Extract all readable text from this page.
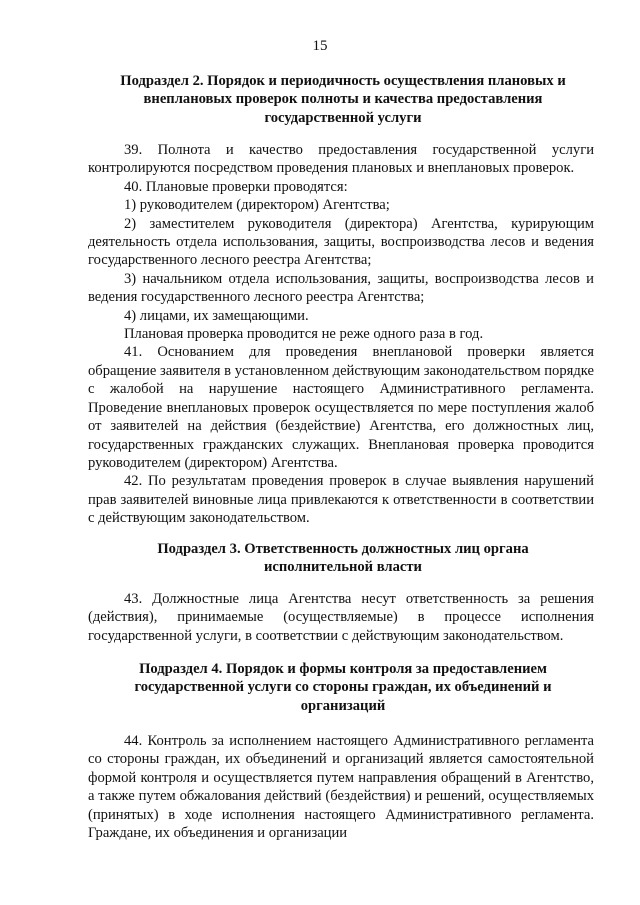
15

Подраздел 2. Порядок и периодичность осуществления плановых и внеплановых проверок полноты и качества предоставления государственной услуги

39. Полнота и качество предоставления государственной услуги контролируются посредством проведения плановых и внеплановых проверок.

40. Плановые проверки проводятся:

1) руководителем (директором) Агентства;

2) заместителем руководителя (директора) Агентства, курирующим деятельность отдела использования, защиты, воспроизводства лесов и ведения государственного лесного реестра Агентства;

3) начальником отдела использования, защиты, воспроизводства лесов и ведения государственного лесного реестра Агентства;

4) лицами, их замещающими.

Плановая проверка проводится не реже одного раза в год.

41. Основанием для проведения внеплановой проверки является обращение заявителя в установленном действующим законодательством порядке с жалобой на нарушение настоящего Административного регламента. Проведение внеплановых проверок осуществляется по мере поступления жалоб от заявителей на действия (бездействие) Агентства, его должностных лиц, государственных гражданских служащих. Внеплановая проверка проводится руководителем (директором) Агентства.

42. По результатам проведения проверок в случае выявления нарушений прав заявителей виновные лица привлекаются к ответственности в соответствии с действующим законодательством.

Подраздел 3. Ответственность должностных лиц органа исполнительной власти

43. Должностные лица Агентства несут ответственность за решения (действия), принимаемые (осуществляемые) в процессе исполнения государственной услуги, в соответствии с действующим законодательством.

Подраздел 4. Порядок и формы контроля за предоставлением государственной услуги со стороны граждан, их объединений и организаций

44. Контроль за исполнением настоящего Административного регламента со стороны граждан, их объединений и организаций является самостоятельной формой контроля и осуществляется путем направления обращений в Агентство, а также путем обжалования действий (бездействия) и решений, осуществляемых (принятых) в ходе исполнения настоящего Административного регламента. Граждане, их объединения и организации
